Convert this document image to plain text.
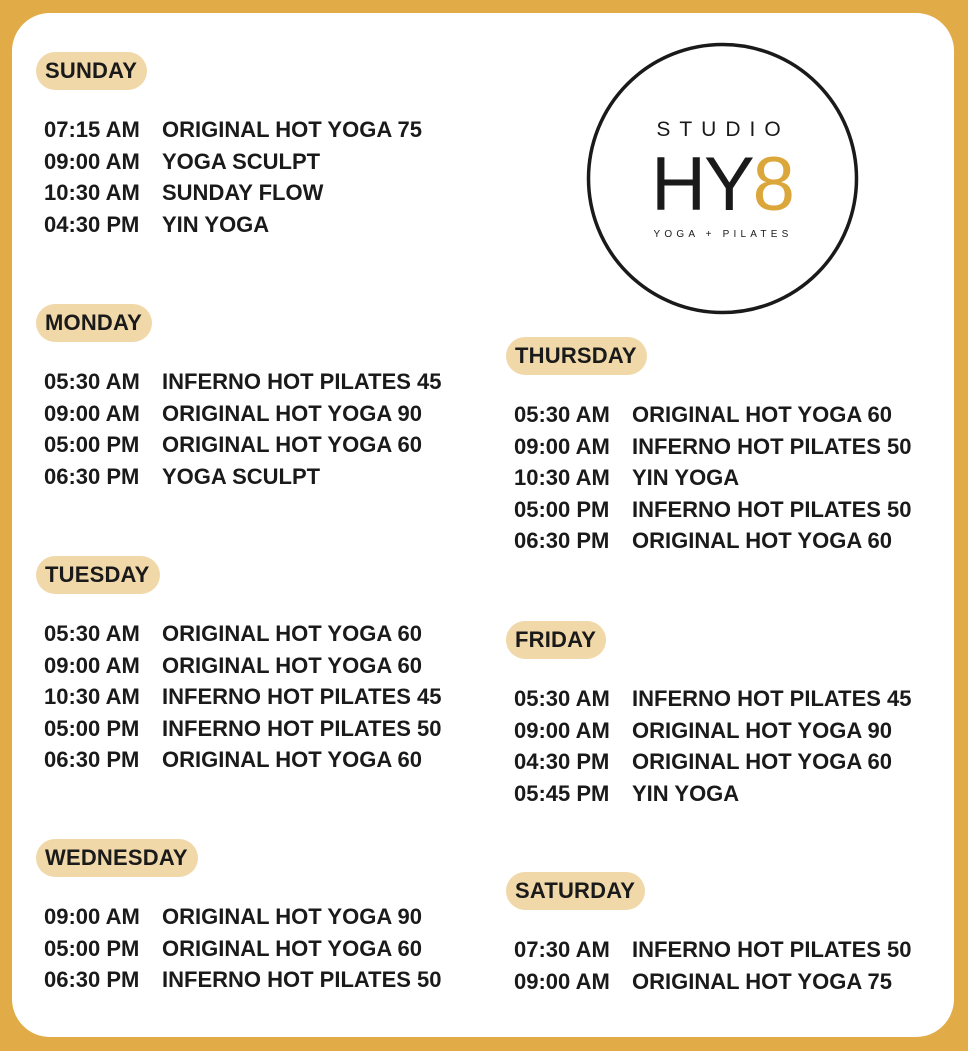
STUDIO
HY8
YOGA + PILATES
SUNDAY
07:15 AM ORIGINAL HOT YOGA 75
09:00 AM YOGA SCULPT
10:30 AM SUNDAY FLOW
04:30 PM YIN YOGA
MONDAY
05:30 AM INFERNO HOT PILATES 45
09:00 AM ORIGINAL HOT YOGA 90
05:00 PM ORIGINAL HOT YOGA 60
06:30 PM YOGA SCULPT
TUESDAY
05:30 AM ORIGINAL HOT YOGA 60
09:00 AM ORIGINAL HOT YOGA 60
10:30 AM INFERNO HOT PILATES 45
05:00 PM INFERNO HOT PILATES 50
06:30 PM ORIGINAL HOT YOGA 60
WEDNESDAY
09:00 AM ORIGINAL HOT YOGA 90
05:00 PM ORIGINAL HOT YOGA 60
06:30 PM INFERNO HOT PILATES 50
THURSDAY
05:30 AM ORIGINAL HOT YOGA 60
09:00 AM INFERNO HOT PILATES 50
10:30 AM YIN YOGA
05:00 PM INFERNO HOT PILATES 50
06:30 PM ORIGINAL HOT YOGA 60
FRIDAY
05:30 AM INFERNO HOT PILATES 45
09:00 AM ORIGINAL HOT YOGA 90
04:30 PM ORIGINAL HOT YOGA 60
05:45 PM YIN YOGA
SATURDAY
07:30 AM INFERNO HOT PILATES 50
09:00 AM ORIGINAL HOT YOGA 75
